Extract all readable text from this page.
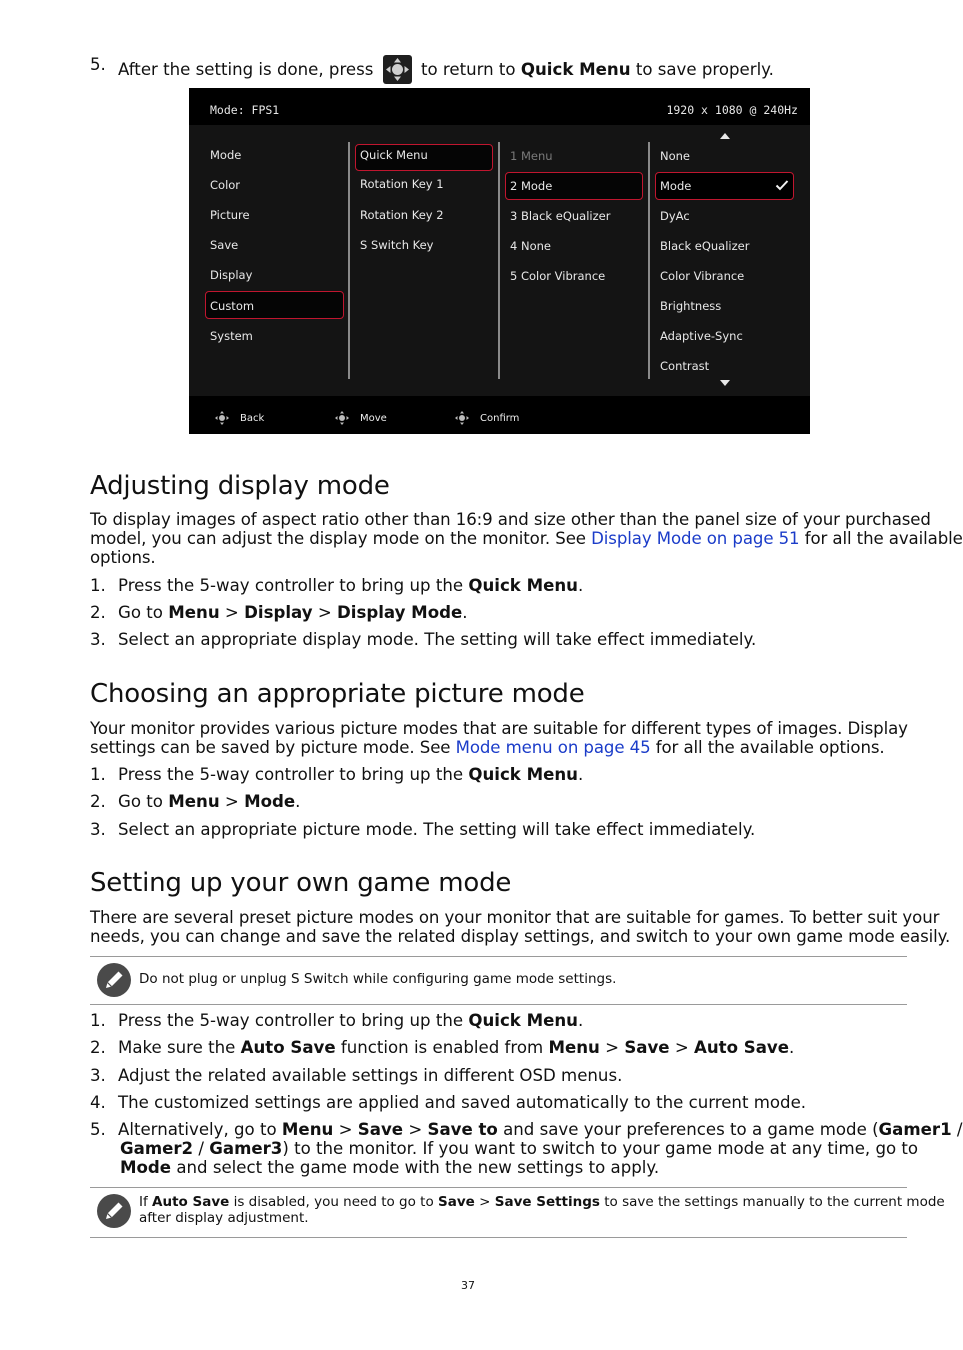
5. After the setting is done, press	to return to Quick Menu to save properly.
Mode: FPS1	1920 x 1080 @ 240Hz
Mode
Color
Picture
Save
Display
Custom
System
Quick Menu
Rotation Key 1
Rotation Key 2
S Switch Key
1 Menu
2 Mode
3 Black eQualizer
4 None
5 Color Vibrance
None
Mode
DyAc
Black eQualizer
Color Vibrance
Brightness
Adaptive-Sync
Contrast
Back	Move	Confirm
Adjusting display mode
To display images of aspect ratio other than 16:9 and size other than the panel size of your purchased
model, you can adjust the display mode on the monitor. See Display Mode on page 51 for all the available
options.
1. Press the 5-way controller to bring up the Quick Menu.
2. Go to Menu > Display > Display Mode.
3. Select an appropriate display mode. The setting will take effect immediately.
Choosing an appropriate picture mode
Your monitor provides various picture modes that are suitable for different types of images. Display
settings can be saved by picture mode. See Mode menu on page 45 for all the available options.
1. Press the 5-way controller to bring up the Quick Menu.
2. Go to Menu > Mode.
3. Select an appropriate picture mode. The setting will take effect immediately.
Setting up your own game mode
There are several preset picture modes on your monitor that are suitable for games. To better suit your
needs, you can change and save the related display settings, and switch to your own game mode easily.
Do not plug or unplug S Switch while configuring game mode settings.
1. Press the 5-way controller to bring up the Quick Menu.
2. Make sure the Auto Save function is enabled from Menu > Save > Auto Save.
3. Adjust the related available settings in different OSD menus.
4. The customized settings are applied and saved automatically to the current mode.
5. Alternatively, go to Menu > Save > Save to and save your preferences to a game mode (Gamer1 /
Gamer2 / Gamer3) to the monitor. If you want to switch to your game mode at any time, go to
Mode and select the game mode with the new settings to apply.
If Auto Save is disabled, you need to go to Save > Save Settings to save the settings manually to the current mode
after display adjustment.
37
